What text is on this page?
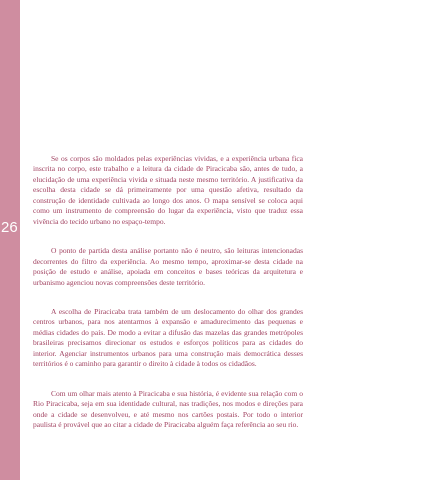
26

Se os corpos são moldados pelas experiências vividas, e a experiência urbana fica inscrita no corpo, este trabalho e a leitura da cidade de Piracicaba são, antes de tudo, a elucidação de uma experiência vivida e situada neste mesmo território. A justificativa da escolha desta cidade se dá primeiramente por uma questão afetiva, resultado da construção de identidade cultivada ao longo dos anos. O mapa sensível se coloca aqui como um instrumento de compreensão do lugar da experiência, visto que traduz essa vivência do tecido urbano no espaço-tempo.

O ponto de partida desta análise portanto não é neutro, são leituras intencionadas decorrentes do filtro da experiência. Ao mesmo tempo, aproximar-se desta cidade na posição de estudo e análise, apoiada em conceitos e bases teóricas da arquitetura e urbanismo agenciou novas compreensões deste território.

A escolha de Piracicaba trata também de um deslocamento do olhar dos grandes centros urbanos, para nos atentarmos à expansão e amadurecimento das pequenas e médias cidades do país. De modo a evitar a difusão das mazelas das grandes metrópoles brasileiras precisamos direcionar os estudos e esforços políticos para as cidades do interior. Agenciar instrumentos urbanos para uma construção mais democrática desses territórios é o caminho para garantir o direito à cidade à todos os cidadãos.

Com um olhar mais atento à Piracicaba e sua história, é evidente sua relação com o Rio Piracicaba, seja em sua identidade cultural, nas tradições, nos modos e direções para onde a cidade se desenvolveu, e até mesmo nos cartões postais. Por todo o interior paulista é provável que ao citar a cidade de Piracicaba alguém faça referência ao seu rio.
